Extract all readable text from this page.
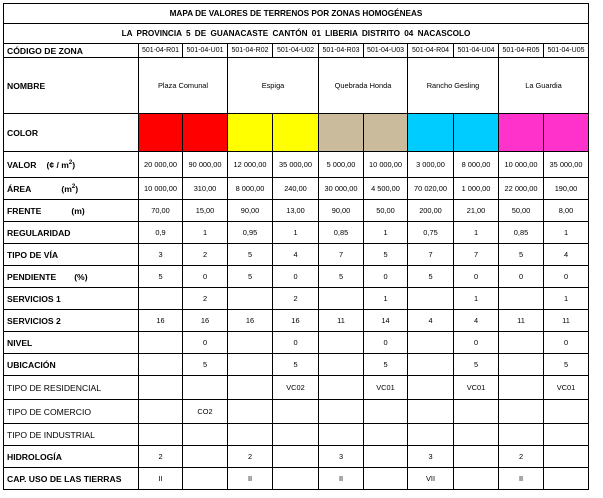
MAPA DE VALORES DE TERRENOS POR ZONAS HOMOGÉNEAS										
LA PROVINCIA 5 DE GUANACASTE CANTÓN 01 LIBERIA DISTRITO 04 NACASCOLO										
CÓDIGO DE ZONA	501-04-R01	501-04-U01	501-04-R02	501-04-U02	501-04-R03	501-04-U03	501-04-R04	501-04-U04	501-04-R05	501-04-U05
NOMBRE	Plaza Comunal		Espiga		Quebrada Honda		Rancho Gesling		La Guardia	
COLOR										
VALOR (¢ / $m^2$)	20 000,00	90 000,00	12 000,00	35 000,00	5 000,00	10 000,00	3 000,00	8 000,00	10 000,00	35 000,00
ÁREA $(m^2)$	10 000,00	310,00	8 000,00	240,00	30 000,00	4 500,00	70 020,00	1 000,00	22 000,00	190,00
FRENTE (m)	70,00	15,00	90,00	13,00	90,00	50,00	200,00	21,00	50,00	8,00
REGULARIDAD	0,9	1	0,95	1	0,85	1	0,75	1	0,85	1
TIPO DE VÍA	3	2	5	4	7	5	7	7	5	4
PENDIENTE (%)	5	0	5	0	5	0	5	0	0	0
SERVICIOS 1		2		2		1		1		1
SERVICIOS 2	16	16	16	16	11	14	4	4	11	11
NIVEL		0		0		0		0		0
UBICACIÓN		5		5		5		5		5
TIPO DE RESIDENCIAL				VC02		VC01		VC01		VC01
TIPO DE COMERCIO		CO2								
TIPO DE INDUSTRIAL										
HIDROLOGÍA	2		2		3		3		2	
CAP. USO DE LAS TIERRAS	II		II		II		VII		II	
